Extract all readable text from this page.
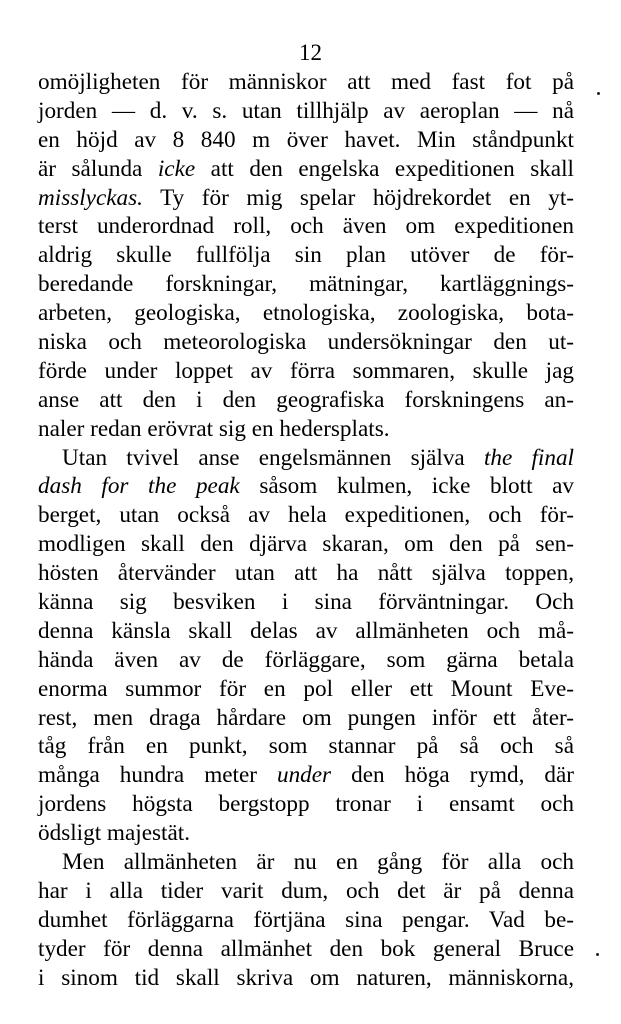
12
omöjligheten för människor att med fast fot på
jorden — d. v. s. utan tillhjälp av aeroplan — nå
en höjd av 8 840 m över havet. Min ståndpunkt
är sålunda icke att den engelska expeditionen skall
misslyckas. Ty för mig spelar höjdrekordet en yt-
terst underordnad roll, och även om expeditionen
aldrig skulle fullfölja sin plan utöver de för-
beredande forskningar, mätningar, kartläggnings-
arbeten, geologiska, etnologiska, zoologiska, bota-
niska och meteorologiska undersökningar den ut-
förde under loppet av förra sommaren, skulle jag
anse att den i den geografiska forskningens an-
naler redan erövrat sig en hedersplats.
Utan tvivel anse engelsmännen själva the final
dash for the peak såsom kulmen, icke blott av
berget, utan också av hela expeditionen, och för-
modligen skall den djärva skaran, om den på sen-
hösten återvänder utan att ha nått själva toppen,
känna sig besviken i sina förväntningar. Och
denna känsla skall delas av allmänheten och må-
hända även av de förläggare, som gärna betala
enorma summor för en pol eller ett Mount Eve-
rest, men draga hårdare om pungen inför ett åter-
tåg från en punkt, som stannar på så och så
många hundra meter under den höga rymd, där
jordens högsta bergstopp tronar i ensamt och
ödsligt majestät.
Men allmänheten är nu en gång för alla och
har i alla tider varit dum, och det är på denna
dumhet förläggarna förtjäna sina pengar. Vad be-
tyder för denna allmänhet den bok general Bruce
i sinom tid skall skriva om naturen, människorna,
